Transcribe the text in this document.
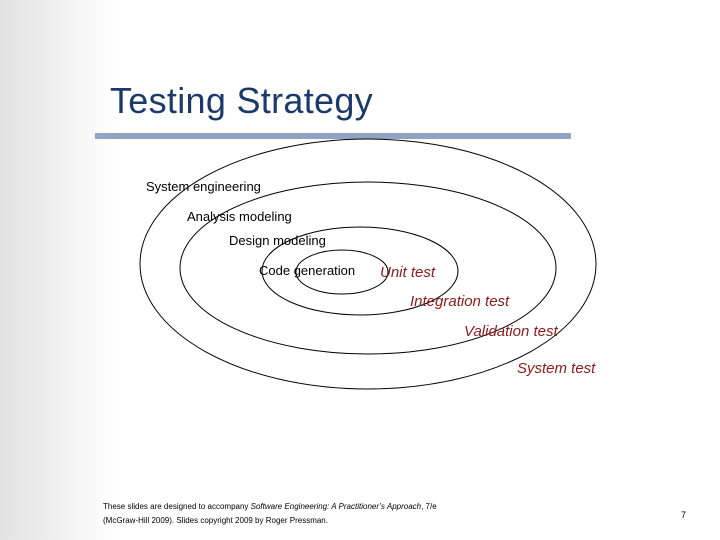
Testing Strategy
System engineering
Analysis modeling
Design modeling
Code generation Unit test
Integration test
Validation test
System test
These slides are designed to accompany Software Engineering: A Practitioner’s Approach, 7/e
(McGraw-Hill 2009). Slides copyright 2009 by Roger Pressman.
7
